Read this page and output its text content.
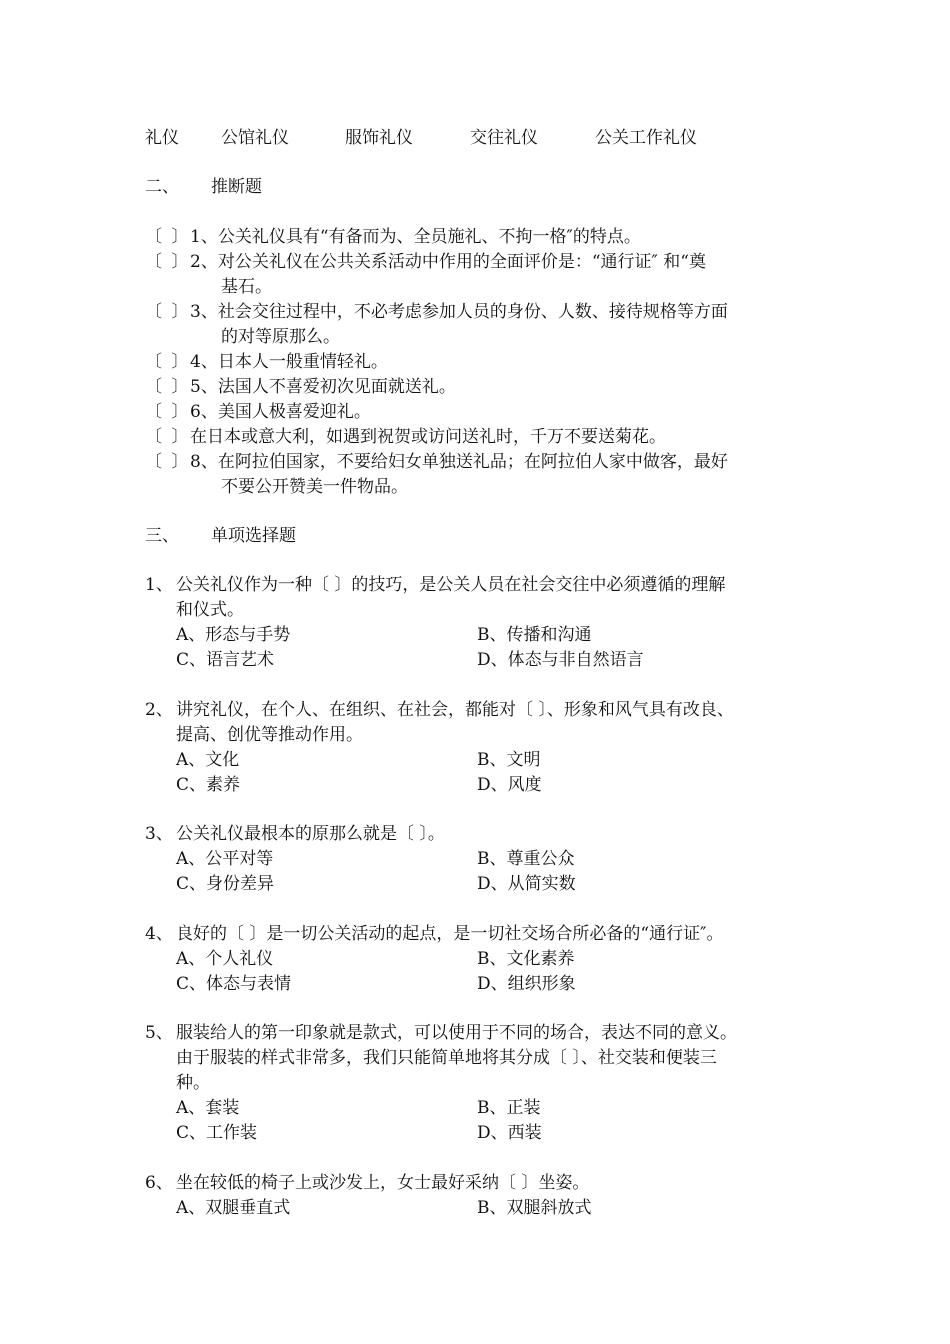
礼仪 公馆礼仪	服饰礼仪	交往礼仪	公关工作礼仪
二、 推断题
〔 〕 1、公关礼仪具有“有备而为、全员施礼、不拘一格″的特点。
〔 〕 2、对公关礼仪在公共关系活动中作用的全面评价是：“通行证″ 和“奠
基石。
〔 〕 3、社会交往过程中，不必考虑参加人员的身份、人数、接待规格等方面
的对等原那么。
〔 〕 4、日本人一般重情轻礼。
〔 〕 5、法国人不喜爱初次见面就送礼。
〔 〕 6、美国人极喜爱迎礼。
〔 〕 在日本或意大利，如遇到祝贺或访问送礼时，千万不要送菊花。
〔 〕 8、在阿拉伯国家，不要给妇女单独送礼品；在阿拉伯人家中做客，最好
不要公开赞美一件物品。
三、 单项选择题
1、 公关礼仪作为一种〔 〕的技巧，是公关人员在社会交往中必须遵循的理解
和仪式。
A、形态与手势	B、传播和沟通
C、语言艺术	D、体态与非自然语言
2、 讲究礼仪，在个人、在组织、在社会，都能对〔 〕、形象和风气具有改良、
提高、创优等推动作用。
A、文化	B、文明
C、素养	D、风度
3、 公关礼仪最根本的原那么就是〔 〕。
A、公平对等	B、尊重公众
C、身份差异	D、从简实数
4、 良好的〔 〕是一切公关活动的起点，是一切社交场合所必备的“通行证″。
A、个人礼仪	B、文化素养
C、体态与表情	D、组织形象
5、 服装给人的第一印象就是款式，可以使用于不同的场合，表达不同的意义。
由于服装的样式非常多，我们只能简单地将其分成〔 〕、社交装和便装三
种。
A、套装	B、正装
C、工作装	D、西装
6、 坐在较低的椅子上或沙发上，女士最好采纳〔 〕坐姿。
A、双腿垂直式	B、双腿斜放式
